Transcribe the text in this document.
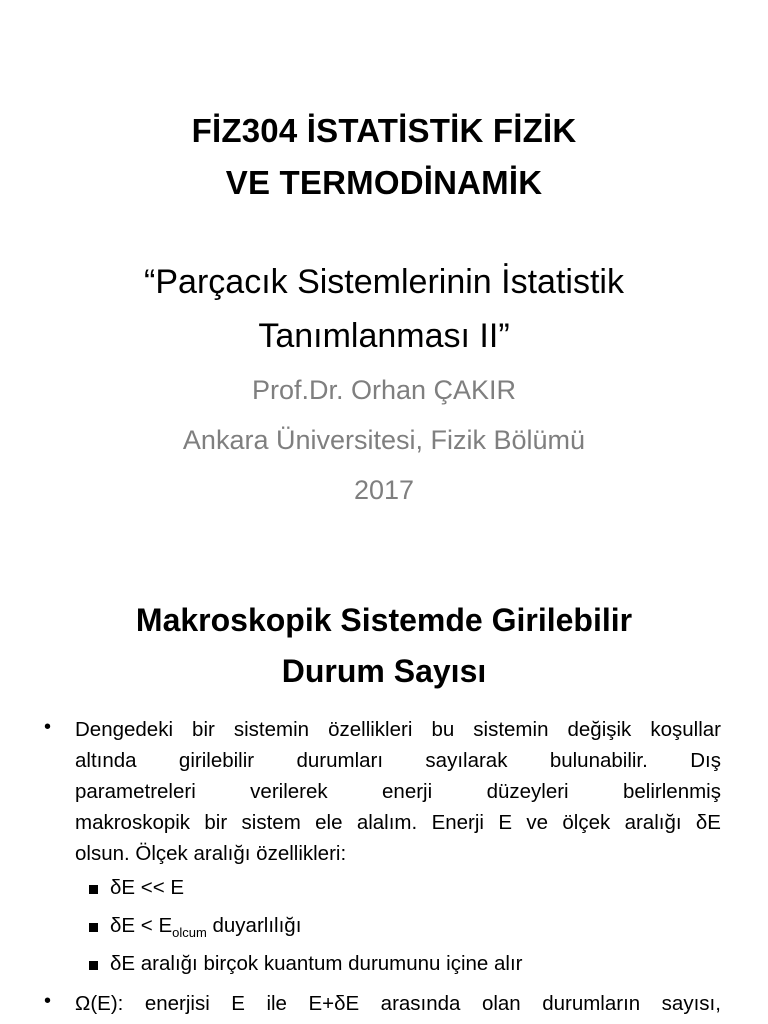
FİZ304 İSTATİSTİK FİZİK
VE TERMODİNAMİK
“Parçacık Sistemlerinin İstatistik
Tanımlanması II”
Prof.Dr. Orhan ÇAKIR
Ankara Üniversitesi, Fizik Bölümü
2017
Makroskopik Sistemde Girilebilir
Durum Sayısı
• Dengedeki bir sistemin özellikleri bu sistemin değişik koşullar
altında girilebilir durumları sayılarak bulunabilir. Dış
parametreleri	verilerek	enerji	düzeyleri	belirlenmiş
makroskopik bir sistem ele alalım. Enerji E ve ölçek aralığı δE
olsun. Ölçek aralığı özellikleri:
δE << E
$\delta E < E_{olcum}$ duyarlılığı
δE aralığı birçok kuantum durumunu içine alır
• Ω(E): enerjisi E ile E+δE arasında olan durumların sayısı,
